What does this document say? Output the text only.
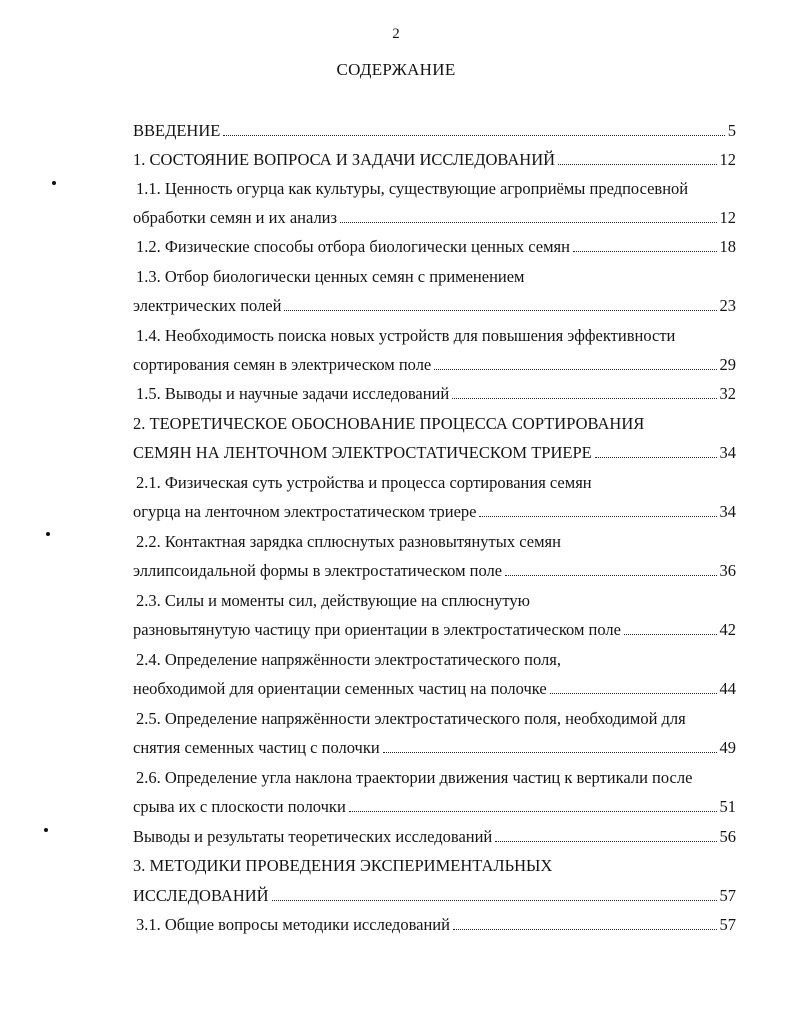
2
СОДЕРЖАНИЕ
ВВЕДЕНИЕ	5
1. СОСТОЯНИЕ ВОПРОСА И ЗАДАЧИ ИССЛЕДОВАНИЙ	12
1.1. Ценность огурца как культуры, существующие агроприёмы предпосевной
обработки семян и их анализ	12
1.2. Физические способы отбора биологически ценных семян	18
1.3. Отбор биологически ценных семян с применением
электрических полей	23
1.4. Необходимость поиска новых устройств для повышения эффективности
сортирования семян в электрическом поле	29
1.5. Выводы и научные задачи исследований	32
2. ТЕОРЕТИЧЕСКОЕ ОБОСНОВАНИЕ ПРОЦЕССА СОРТИРОВАНИЯ
СЕМЯН НА ЛЕНТОЧНОМ ЭЛЕКТРОСТАТИЧЕСКОМ ТРИЕРЕ	34
2.1. Физическая суть устройства и процесса сортирования семян
огурца на ленточном электростатическом триере	34
2.2. Контактная зарядка сплюснутых разновытянутых семян
эллипсоидальной формы в электростатическом поле	36
2.3. Силы и моменты сил, действующие на сплюснутую
разновытянутую частицу при ориентации в электростатическом поле	42
2.4. Определение напряжённости электростатического поля,
необходимой для ориентации семенных частиц на полочке	44
2.5. Определение напряжённости электростатического поля, необходимой для
снятия семенных частиц с полочки	49
2.6. Определение угла наклона траектории движения частиц к вертикали после
срыва их с плоскости полочки	51
Выводы и результаты теоретических исследований	56
3. МЕТОДИКИ ПРОВЕДЕНИЯ ЭКСПЕРИМЕНТАЛЬНЫХ
ИССЛЕДОВАНИЙ	57
3.1. Общие вопросы методики исследований	57
